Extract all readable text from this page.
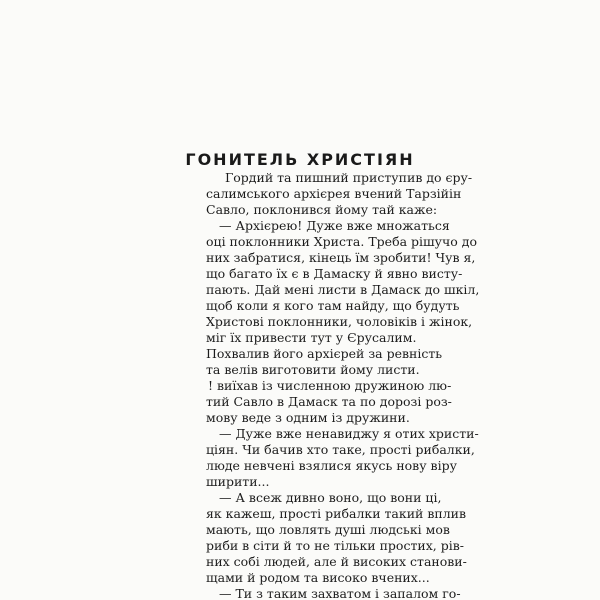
ГОНИТЕЛЬ ХРИСТІЯН
Гордий та пишний приступив до єру-
салимського архієрея вчений Тарзійін
Савло, поклонився йому тай каже:
— Архієрею! Дуже вже множаться
оці поклонники Христа. Треба рішучо до
них забратися, кінець їм зробити! Чув я,
що багато їх є в Дамаску й явно висту-
пають. Дай мені листи в Дамаск до шкіл,
щоб коли я кого там найду, що будуть
Христові поклонники, чоловіків і жінок,
міг їх привести тут у Єрусалим.
Похвалив його архієрей за ревність
та велів виготовити йому листи.
! виїхав із численною дружиною лю-
тий Савло в Дамаск та по дорозі роз-
мову веде з одним із дружини.
— Дуже вже ненавиджу я отих христи-
ціян. Чи бачив хто таке, прості рибалки,
люде невчені взялися якусь нову віру
ширити...
— А всеж дивно воно, що вони ці,
як кажеш, прості рибалки такий вплив
мають, що ловлять душі людські мов
риби в сіти й то не тільки простих, рів-
них собі людей, але й високих станови-
щами й родом та високо вчених...
— Ти з таким захватом і запалом го-
